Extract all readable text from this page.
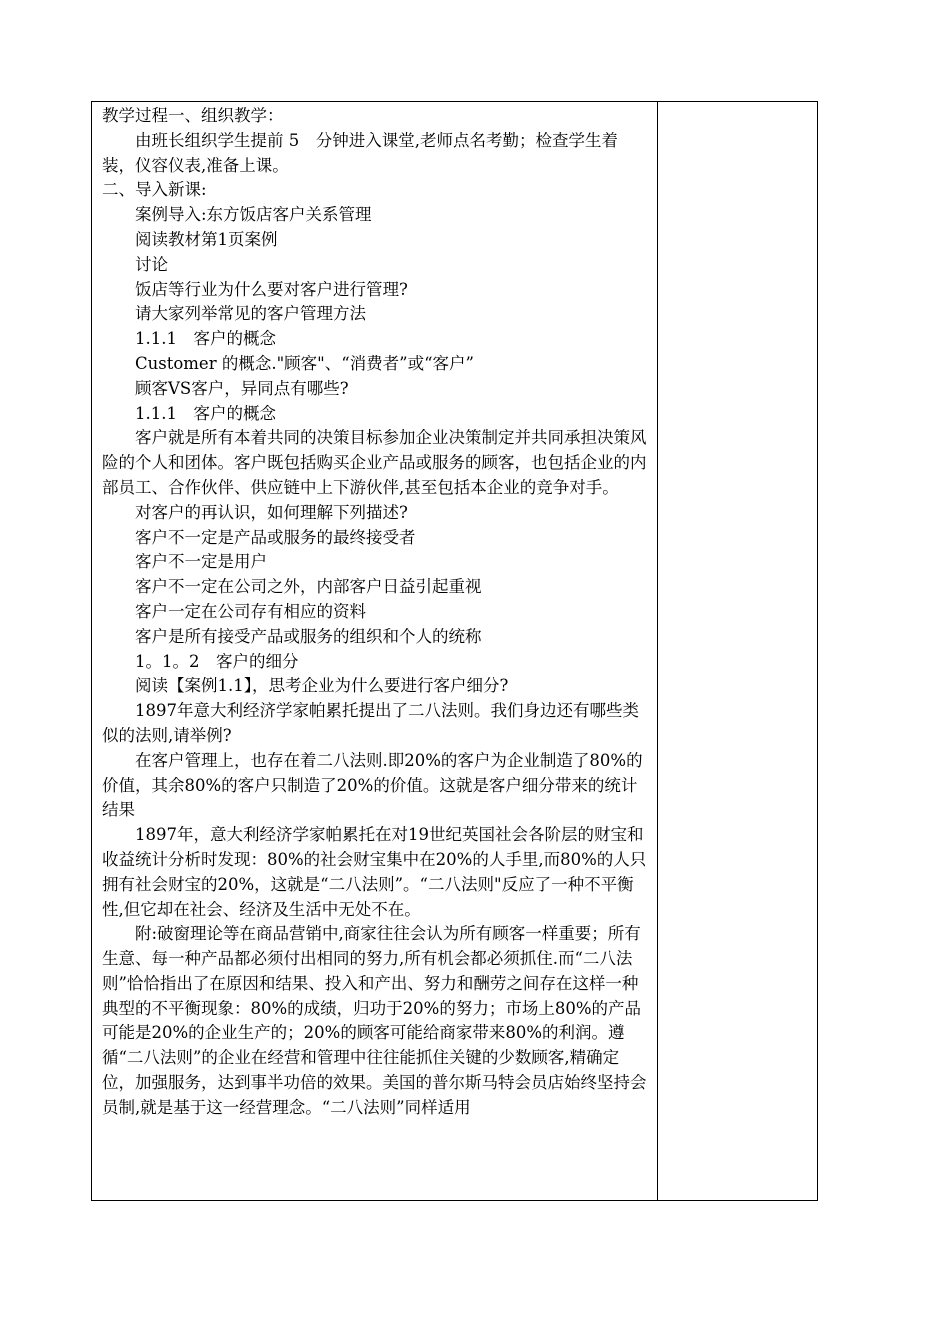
教学过程一、组织教学：

由班长组织学生提前 5　分钟进入课堂,老师点名考勤；检查学生着装，仪容仪表,准备上课。

二、导入新课:

案例导入:东方饭店客户关系管理

阅读教材第1页案例

讨论

饭店等行业为什么要对客户进行管理?

请大家列举常见的客户管理方法

1.1.1　客户的概念

Customer 的概念."顾客"、“消费者”或“客户”

顾客VS客户，异同点有哪些?

1.1.1　客户的概念

客户就是所有本着共同的决策目标参加企业决策制定并共同承担决策风险的个人和团体。客户既包括购买企业产品或服务的顾客，也包括企业的内部员工、合作伙伴、供应链中上下游伙伴,甚至包括本企业的竞争对手。

对客户的再认识，如何理解下列描述?

客户不一定是产品或服务的最终接受者

客户不一定是用户

客户不一定在公司之外，内部客户日益引起重视

客户一定在公司存有相应的资料

客户是所有接受产品或服务的组织和个人的统称

1。1。2　客户的细分

阅读【案例1.1】，思考企业为什么要进行客户细分?

1897年意大利经济学家帕累托提出了二八法则。我们身边还有哪些类似的法则,请举例?

在客户管理上，也存在着二八法则.即20%的客户为企业制造了80%的价值，其余80%的客户只制造了20%的价值。这就是客户细分带来的统计结果

1897年，意大利经济学家帕累托在对19世纪英国社会各阶层的财宝和收益统计分析时发现：80%的社会财宝集中在20%的人手里,而80%的人只拥有社会财宝的20%，这就是“二八法则”。“二八法则"反应了一种不平衡性,但它却在社会、经济及生活中无处不在。

附:破窗理论等在商品营销中,商家往往会认为所有顾客一样重要；所有生意、每一种产品都必须付出相同的努力,所有机会都必须抓住.而“二八法则”恰恰指出了在原因和结果、投入和产出、努力和酬劳之间存在这样一种典型的不平衡现象：80%的成绩，归功于20%的努力；市场上80%的产品可能是20%的企业生产的；20%的顾客可能给商家带来80%的利润。遵循“二八法则”的企业在经营和管理中往往能抓住关键的少数顾客,精确定位，加强服务，达到事半功倍的效果。美国的普尔斯马特会员店始终坚持会员制,就是基于这一经营理念。“二八法则”同样适用
